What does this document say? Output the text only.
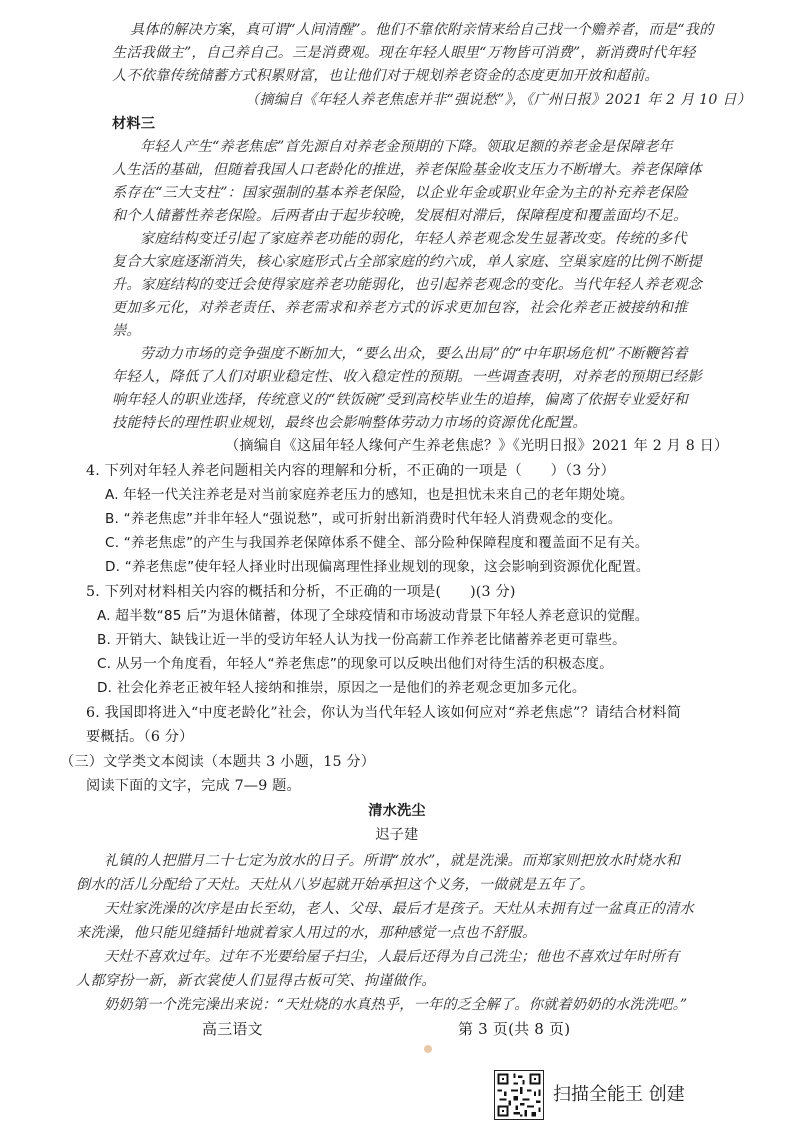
具体的解决方案，真可谓“人间清醒”。他们不靠依附亲情来给自己找一个赡养者，而是“我的
生活我做主”，自己养自己。三是消费观。现在年轻人眼里“万物皆可消费”，新消费时代年轻
人不依靠传统储蓄方式积累财富，也让他们对于规划养老资金的态度更加开放和超前。
（摘编自《年轻人养老焦虑并非“强说愁”》，《广州日报》2021 年 2 月 10 日）
材料三
年轻人产生“养老焦虑”首先源自对养老金预期的下降。领取足额的养老金是保障老年
人生活的基础，但随着我国人口老龄化的推进，养老保险基金收支压力不断增大。养老保障体
系存在“三大支柱”：国家强制的基本养老保险，以企业年金或职业年金为主的补充养老保险
和个人储蓄性养老保险。后两者由于起步较晚，发展相对滞后，保障程度和覆盖面均不足。
家庭结构变迁引起了家庭养老功能的弱化，年轻人养老观念发生显著改变。传统的多代
复合大家庭逐渐消失，核心家庭形式占全部家庭的约六成，单人家庭、空巢家庭的比例不断提
升。家庭结构的变迁会使得家庭养老功能弱化，也引起养老观念的变化。当代年轻人养老观念
更加多元化，对养老责任、养老需求和养老方式的诉求更加包容，社会化养老正被接纳和推
崇。
劳动力市场的竞争强度不断加大，“要么出众，要么出局”的“中年职场危机”不断鞭笞着
年轻人，降低了人们对职业稳定性、收入稳定性的预期。一些调查表明，对养老的预期已经影
响年轻人的职业选择，传统意义的“铁饭碗”受到高校毕业生的追捧，偏离了依据专业爱好和
技能特长的理性职业规划，最终也会影响整体劳动力市场的资源优化配置。
（摘编自《这届年轻人缘何产生养老焦虑？》《光明日报》2021 年 2 月 8 日）
4. 下列对年轻人养老问题相关内容的理解和分析，不正确的一项是（　　）（3 分）
A. 年轻一代关注养老是对当前家庭养老压力的感知，也是担忧未来自己的老年期处境。
B. “养老焦虑”并非年轻人“强说愁”，或可折射出新消费时代年轻人消费观念的变化。
C. “养老焦虑”的产生与我国养老保障体系不健全、部分险种保障程度和覆盖面不足有关。
D. “养老焦虑”使年轻人择业时出现偏离理性择业规划的现象，这会影响到资源优化配置。
5. 下列对材料相关内容的概括和分析，不正确的一项是(　　)(3 分)
A. 超半数“85 后”为退休储蓄，体现了全球疫情和市场波动背景下年轻人养老意识的觉醒。
B. 开销大、缺钱让近一半的受访年轻人认为找一份高薪工作养老比储蓄养老更可靠些。
C. 从另一个角度看，年轻人“养老焦虑”的现象可以反映出他们对待生活的积极态度。
D. 社会化养老正被年轻人接纳和推崇，原因之一是他们的养老观念更加多元化。
6. 我国即将进入“中度老龄化”社会，你认为当代年轻人该如何应对“养老焦虑”？请结合材料简
要概括。（6 分）
（三）文学类文本阅读（本题共 3 小题，15 分）
阅读下面的文字，完成 7—9 题。
清水洗尘
迟子建
礼镇的人把腊月二十七定为放水的日子。所谓“放水”，就是洗澡。而郑家则把放水时烧水和
倒水的活儿分配给了天灶。天灶从八岁起就开始承担这个义务，一做就是五年了。
天灶家洗澡的次序是由长至幼，老人、父母、最后才是孩子。天灶从未拥有过一盆真正的清水
来洗澡，他只能见缝插针地就着家人用过的水，那种感觉一点也不舒服。
天灶不喜欢过年。过年不光要给屋子扫尘，人最后还得为自己洗尘；他也不喜欢过年时所有
人都穿扮一新，新衣裳使人们显得古板可笑、拘谨做作。
奶奶第一个洗完澡出来说：“天灶烧的水真热乎，一年的乏全解了。你就着奶奶的水洗洗吧。”
高三语文	第 3 页(共 8 页)
扫描全能王 创建
